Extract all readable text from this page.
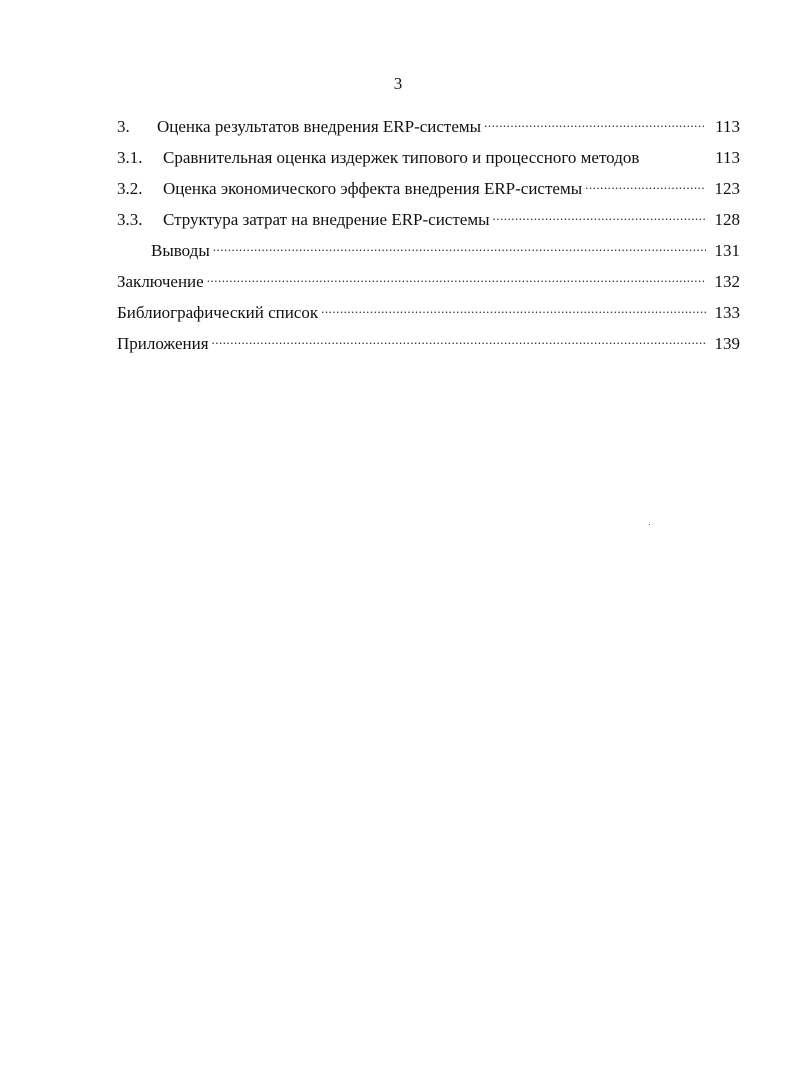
3
3.	Оценка результатов внедрения ERP-системы .....	113
3.1.	Сравнительная оценка издержек типового и процессного методов	113
3.2.	Оценка экономического эффекта внедрения ERP-системы .....	123
3.3.	Структура затрат на внедрение ERP-системы .....	128
Выводы .....	131
Заключение .....	132
Библиографический список .....	133
Приложения .....	139
